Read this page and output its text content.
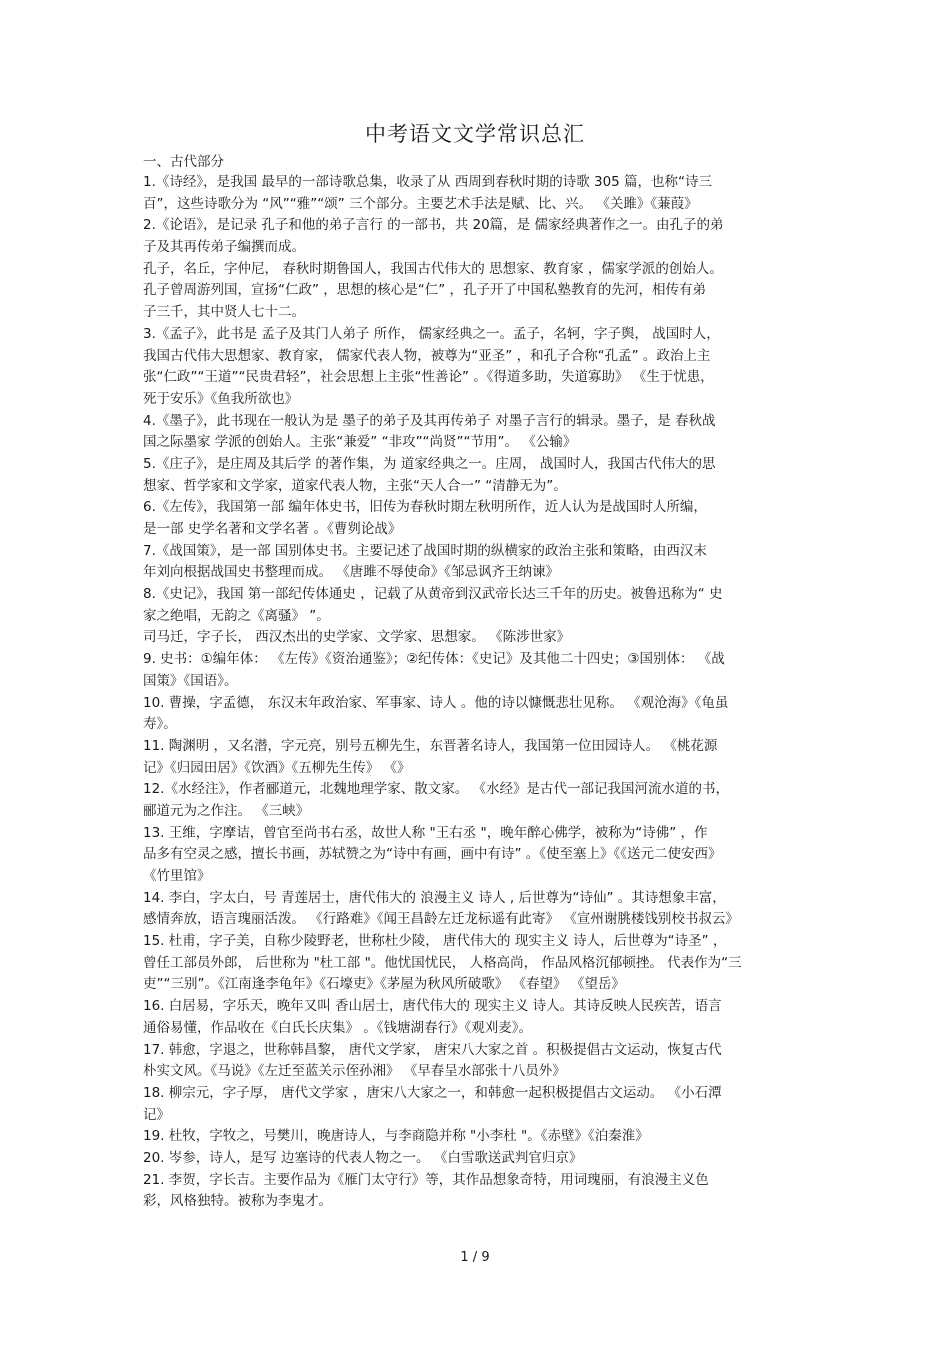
中考语文文学常识总汇
一、古代部分
1.《诗经》，是我国 最早的一部诗歌总集，收录了从 西周到春秋时期的诗歌 305 篇，也称“诗三
百”，这些诗歌分为 “风”“雅”“颂” 三个部分。主要艺术手法是赋、比、兴。 《关雎》《蒹葭》
2.《论语》，是记录 孔子和他的弟子言行 的一部书，共 20篇，是 儒家经典著作之一。由孔子的弟
子及其再传弟子编撰而成。
孔子，名丘，字仲尼， 春秋时期鲁国人，我国古代伟大的 思想家、教育家 ，儒家学派的创始人。
孔子曾周游列国，宣扬“仁政” ，思想的核心是“仁” ，孔子开了中国私塾教育的先河，相传有弟
子三千，其中贤人七十二。
3.《孟子》，此书是 孟子及其门人弟子 所作， 儒家经典之一。孟子，名轲，字子舆， 战国时人，
我国古代伟大思想家、教育家， 儒家代表人物，被尊为“亚圣” ，和孔子合称“孔孟” 。政治上主
张“仁政”“王道”“民贵君轻”，社会思想上主张“性善论” 。《得道多助，失道寡助》 《生于忧患，
死于安乐》《鱼我所欲也》
4.《墨子》，此书现在一般认为是 墨子的弟子及其再传弟子 对墨子言行的辑录。墨子，是 春秋战
国之际墨家 学派的创始人。主张“兼爱” “非攻”“尚贤”“节用”。 《公输》
5.《庄子》，是庄周及其后学 的著作集，为 道家经典之一。庄周， 战国时人，我国古代伟大的思
想家、哲学家和文学家，道家代表人物，主张“天人合一” “清静无为”。
6.《左传》，我国第一部 编年体史书，旧传为春秋时期左秋明所作，近人认为是战国时人所编，
是一部 史学名著和文学名著 。《曹刿论战》
7.《战国策》，是一部 国别体史书。主要记述了战国时期的纵横家的政治主张和策略，由西汉末
年刘向根据战国史书整理而成。 《唐雎不辱使命》《邹忌讽齐王纳谏》
8.《史记》，我国 第一部纪传体通史 ，记载了从黄帝到汉武帝长达三千年的历史。被鲁迅称为“ 史
家之绝唱，无韵之《离骚》 ”。
司马迁，字子长， 西汉杰出的史学家、文学家、思想家。 《陈涉世家》
9. 史书：①编年体： 《左传》《资治通鉴》；②纪传体：《史记》及其他二十四史；③国别体： 《战
国策》《国语》。
10. 曹操，字孟德， 东汉末年政治家、军事家、诗人 。他的诗以慷慨悲壮见称。 《观沧海》《龟虽
寿》。
11. 陶渊明 ，又名潜，字元亮，别号五柳先生，东晋著名诗人，我国第一位田园诗人。 《桃花源
记》《归园田居》《饮酒》《五柳先生传》 《》
12.《水经注》，作者郦道元，北魏地理学家、散文家。 《水经》是古代一部记我国河流水道的书，
郦道元为之作注。 《三峡》
13. 王维，字摩诘，曾官至尚书右丞，故世人称 "王右丞 "，晚年醉心佛学，被称为“诗佛” ，作
品多有空灵之感，擅长书画，苏轼赞之为“诗中有画，画中有诗” 。《使至塞上》《《送元二使安西》
《竹里馆》
14. 李白，字太白，号 青莲居士，唐代伟大的 浪漫主义 诗人 , 后世尊为“诗仙” 。其诗想象丰富，
感情奔放，语言瑰丽活泼。 《行路难》《闻王昌龄左迁龙标遥有此寄》 《宣州谢朓楼饯别校书叔云》
15. 杜甫，字子美，自称少陵野老，世称杜少陵， 唐代伟大的 现实主义 诗人，后世尊为“诗圣” ，
曾任工部员外郎， 后世称为 "杜工部 "。他忧国忧民， 人格高尚， 作品风格沉郁顿挫。 代表作为“三
吏”“三别”。《江南逢李龟年》《石壕吏》《茅屋为秋风所破歌》 《春望》 《望岳》
16. 白居易，字乐天，晚年又叫 香山居士，唐代伟大的 现实主义 诗人。其诗反映人民疾苦，语言
通俗易懂，作品收在《白氏长庆集》 。《钱塘湖春行》《观刈麦》。
17. 韩愈，字退之，世称韩昌黎， 唐代文学家， 唐宋八大家之首 。积极提倡古文运动，恢复古代
朴实文风。《马说》《左迁至蓝关示侄孙湘》 《早春呈水部张十八员外》
18. 柳宗元，字子厚， 唐代文学家 ，唐宋八大家之一，和韩愈一起积极提倡古文运动。 《小石潭
记》
19. 杜牧，字牧之，号樊川，晚唐诗人，与李商隐并称 "小李杜 "。《赤壁》《泊秦淮》
20. 岑参，诗人，是写 边塞诗的代表人物之一。 《白雪歌送武判官归京》
21. 李贺，字长吉。主要作品为《雁门太守行》等，其作品想象奇特，用词瑰丽，有浪漫主义色
彩，风格独特。被称为李鬼才。
1 / 9
